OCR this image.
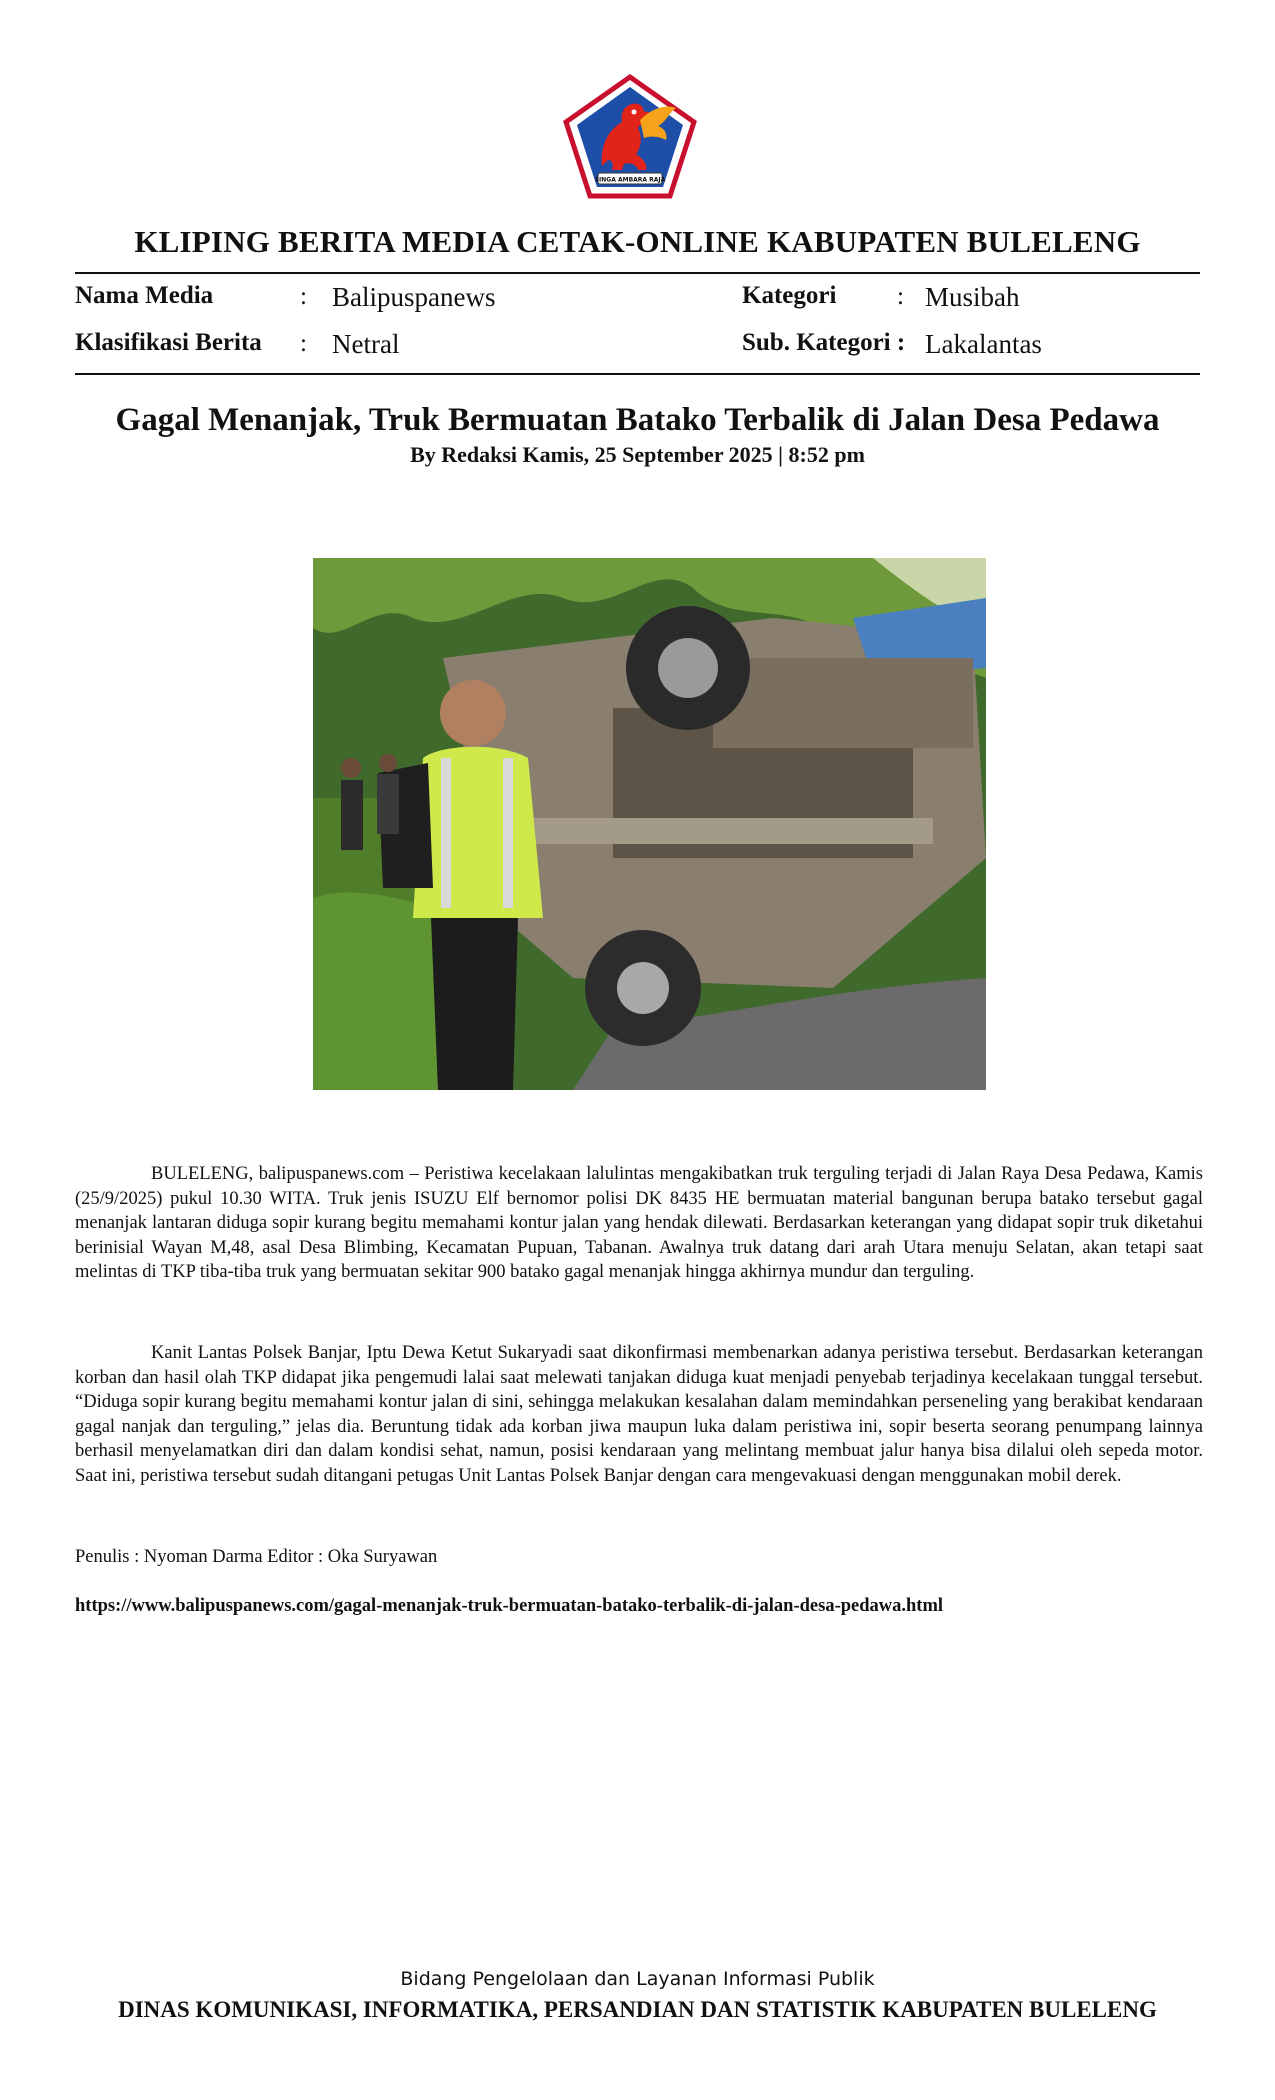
SINGA AMBARA RAJA
KLIPING BERITA MEDIA CETAK-ONLINE KABUPATEN BULELENG
Nama Media	: Balipuspanews	Kategori : Musibah
Klasifikasi Berita : Netral	Sub. Kategori : Lakalantas
Gagal Menanjak, Truk Bermuatan Batako Terbalik di Jalan Desa Pedawa
By Redaksi Kamis, 25 September 2025 | 8:52 pm

BULELENG, balipuspanews.com – Peristiwa kecelakaan lalulintas mengakibatkan truk terguling terjadi di Jalan Raya Desa Pedawa, Kamis (25/9/2025) pukul 10.30 WITA. Truk jenis ISUZU Elf bernomor polisi DK 8435 HE bermuatan material bangunan berupa batako tersebut gagal menanjak lantaran diduga sopir kurang begitu memahami kontur jalan yang hendak dilewati. Berdasarkan keterangan yang didapat sopir truk diketahui berinisial Wayan M,48, asal Desa Blimbing, Kecamatan Pupuan, Tabanan. Awalnya truk datang dari arah Utara menuju Selatan, akan tetapi saat melintas di TKP tiba-tiba truk yang bermuatan sekitar 900 batako gagal menanjak hingga akhirnya mundur dan terguling.

Kanit Lantas Polsek Banjar, Iptu Dewa Ketut Sukaryadi saat dikonfirmasi membenarkan adanya peristiwa tersebut. Berdasarkan keterangan korban dan hasil olah TKP didapat jika pengemudi lalai saat melewati tanjakan diduga kuat menjadi penyebab terjadinya kecelakaan tunggal tersebut. “Diduga sopir kurang begitu memahami kontur jalan di sini, sehingga melakukan kesalahan dalam memindahkan perseneling yang berakibat kendaraan gagal nanjak dan terguling,” jelas dia. Beruntung tidak ada korban jiwa maupun luka dalam peristiwa ini, sopir beserta seorang penumpang lainnya berhasil menyelamatkan diri dan dalam kondisi sehat, namun, posisi kendaraan yang melintang membuat jalur hanya bisa dilalui oleh sepeda motor. Saat ini, peristiwa tersebut sudah ditangani petugas Unit Lantas Polsek Banjar dengan cara mengevakuasi dengan menggunakan mobil derek.

Penulis : Nyoman Darma Editor : Oka Suryawan
https://www.balipuspanews.com/gagal-menanjak-truk-bermuatan-batako-terbalik-di-jalan-desa-pedawa.html
Bidang Pengelolaan dan Layanan Informasi Publik
DINAS KOMUNIKASI, INFORMATIKA, PERSANDIAN DAN STATISTIK KABUPATEN BULELENG
